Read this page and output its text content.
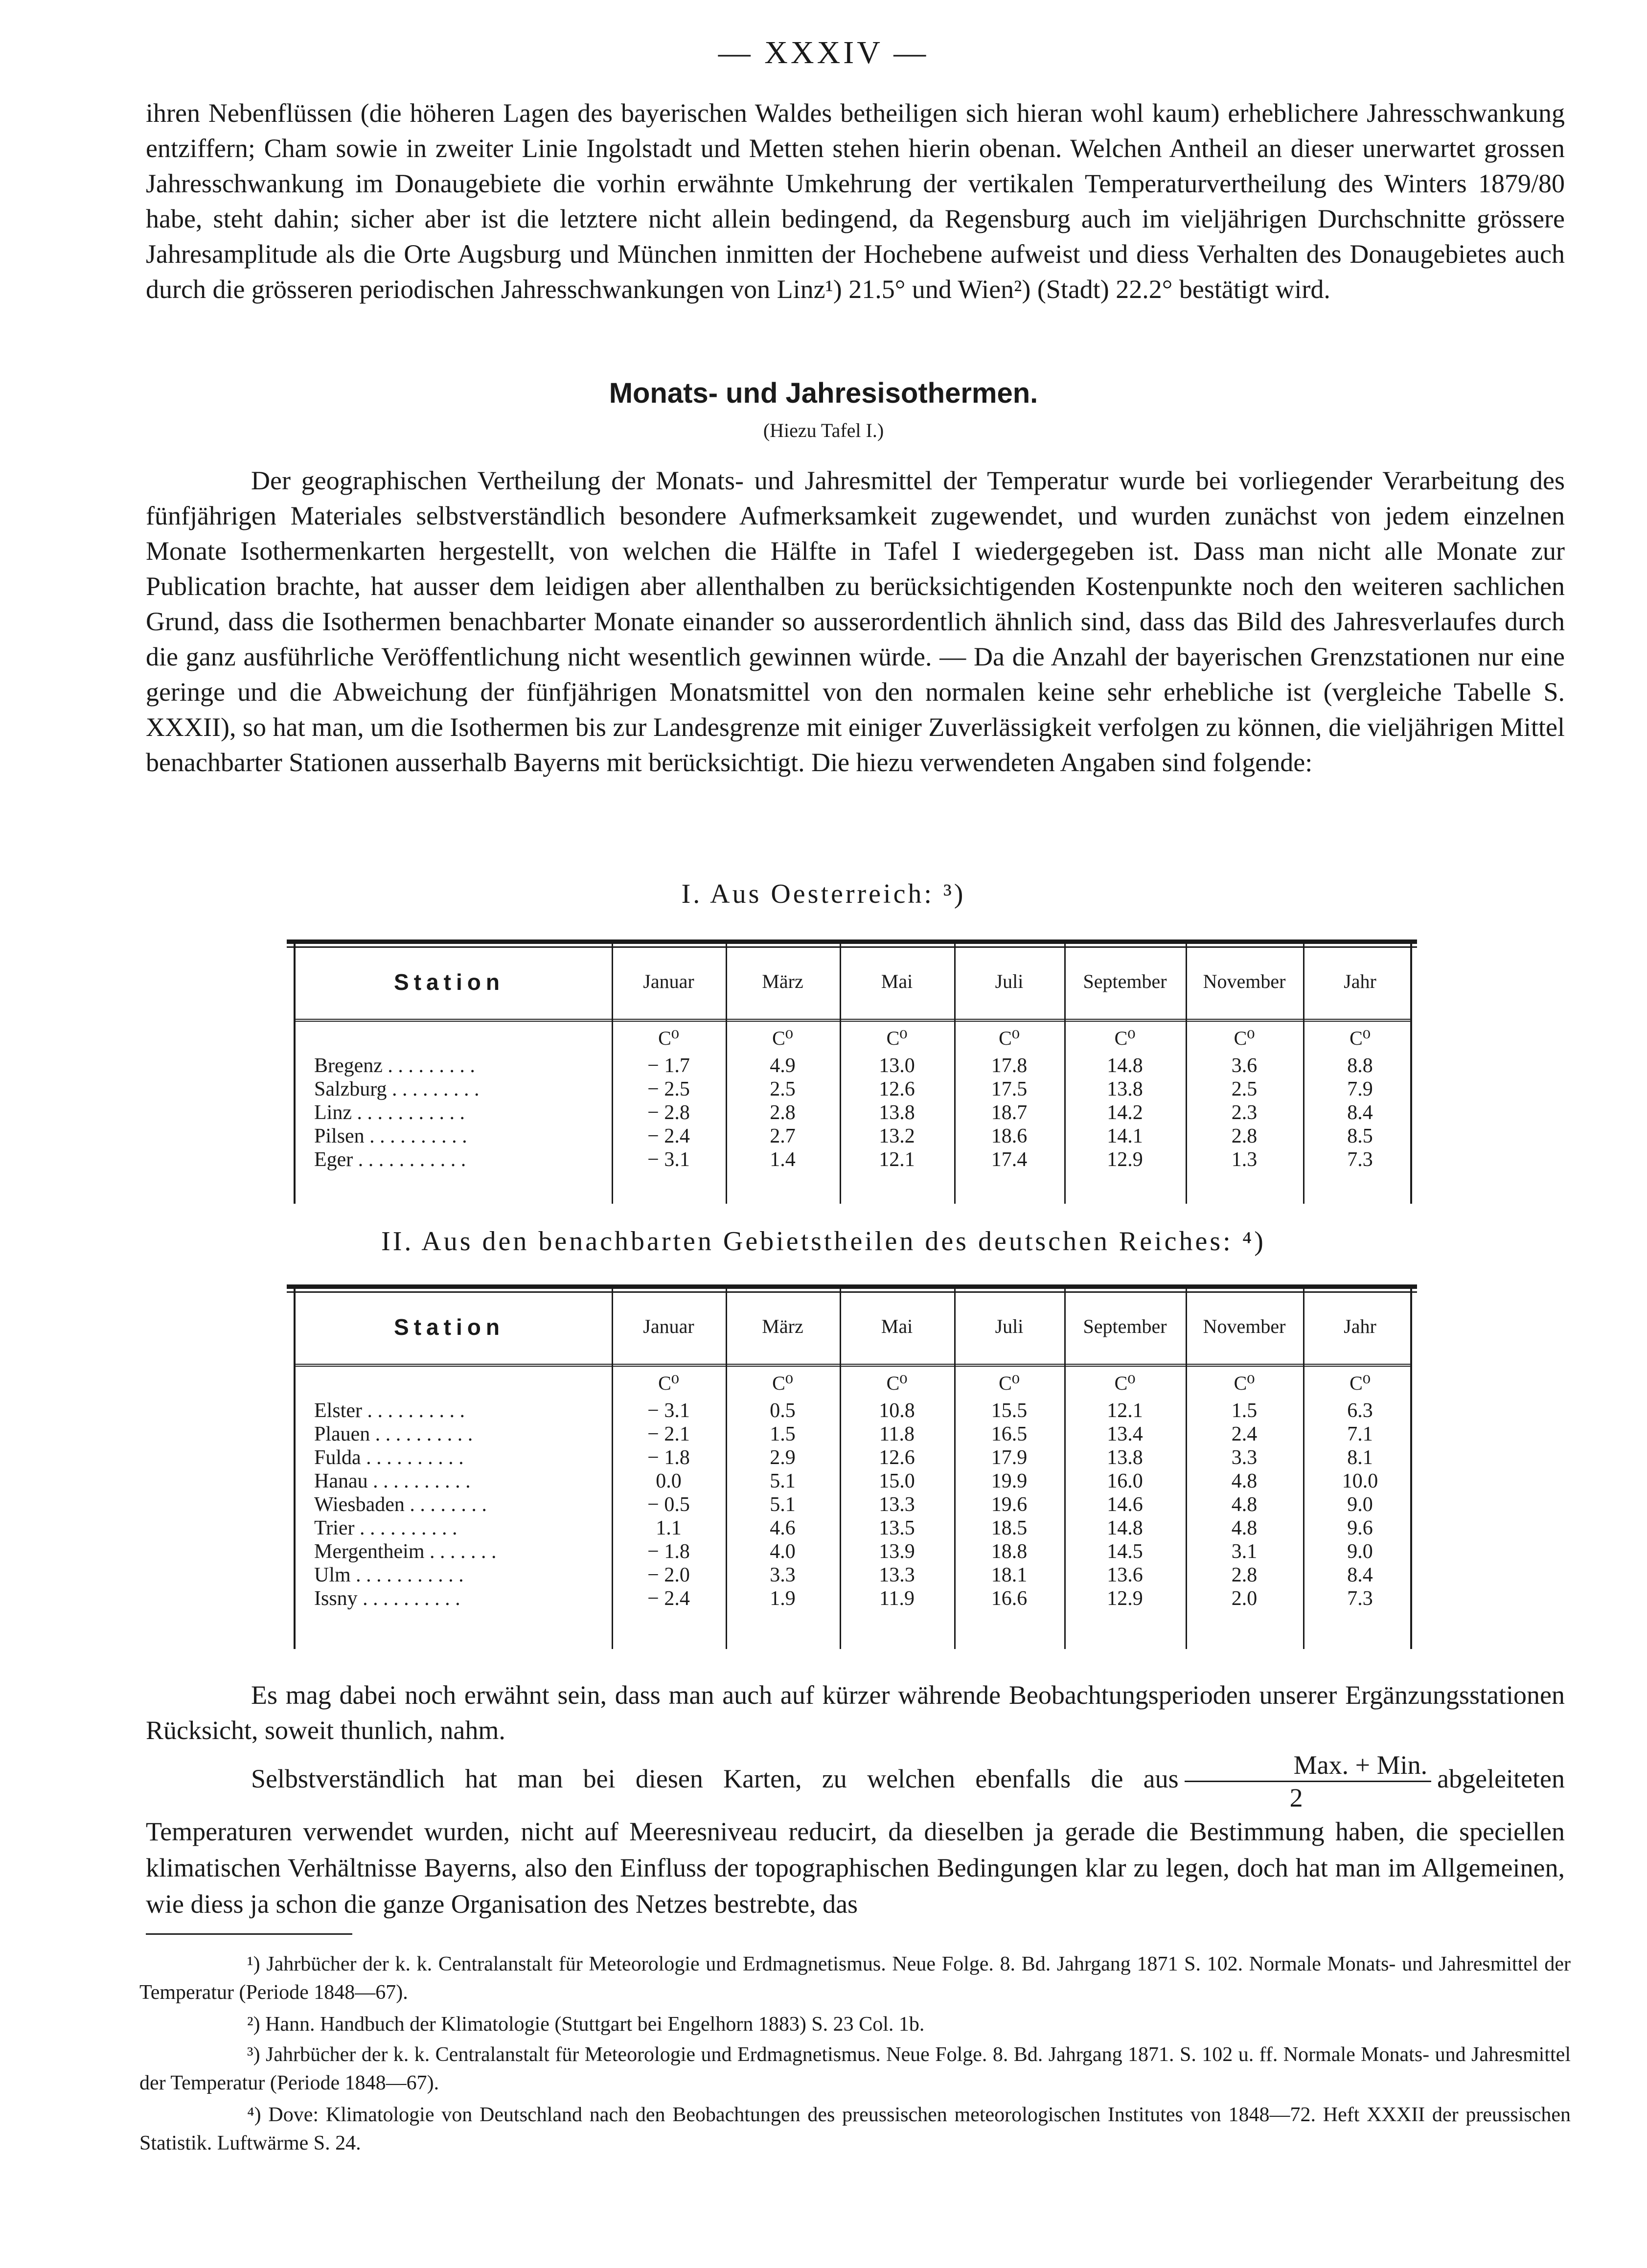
— XXXIV —
ihren Nebenflüssen (die höheren Lagen des bayerischen Waldes betheiligen sich hieran wohl kaum) erheblichere Jahresschwankung entziffern; Cham sowie in zweiter Linie Ingolstadt und Metten stehen hierin obenan. Welchen Antheil an dieser unerwartet grossen Jahresschwankung im Donaugebiete die vorhin erwähnte Umkehrung der vertikalen Temperaturvertheilung des Winters 1879/80 habe, steht dahin; sicher aber ist die letztere nicht allein bedingend, da Regensburg auch im vieljährigen Durchschnitte grössere Jahresamplitude als die Orte Augsburg und München inmitten der Hochebene aufweist und diess Verhalten des Donaugebietes auch durch die grösseren periodischen Jahresschwankungen von Linz¹) 21.5° und Wien²) (Stadt) 22.2° bestätigt wird.
Monats- und Jahresisothermen.
(Hiezu Tafel I.)
Der geographischen Vertheilung der Monats- und Jahresmittel der Temperatur wurde bei vorliegender Verarbeitung des fünfjährigen Materiales selbstverständlich besondere Aufmerksamkeit zugewendet, und wurden zunächst von jedem einzelnen Monate Isothermenkarten hergestellt, von welchen die Hälfte in Tafel I wiedergegeben ist. Dass man nicht alle Monate zur Publication brachte, hat ausser dem leidigen aber allenthalben zu berücksichtigenden Kostenpunkte noch den weiteren sachlichen Grund, dass die Isothermen benachbarter Monate einander so ausserordentlich ähnlich sind, dass das Bild des Jahresverlaufes durch die ganz ausführliche Veröffentlichung nicht wesentlich gewinnen würde. — Da die Anzahl der bayerischen Grenzstationen nur eine geringe und die Abweichung der fünfjährigen Monatsmittel von den normalen keine sehr erhebliche ist (vergleiche Tabelle S. XXXII), so hat man, um die Isothermen bis zur Landesgrenze mit einiger Zuverlässigkeit verfolgen zu können, die vieljährigen Mittel benachbarter Stationen ausserhalb Bayerns mit berücksichtigt. Die hiezu verwendeten Angaben sind folgende:
I. Aus Oesterreich: ³)
Station	Januar	März	Mai	Juli	September	November	Jahr
C⁰	C⁰	C⁰	C⁰	C⁰	C⁰	C⁰
Bregenz . . . . . . . . .	− 1.7	4.9	13.0	17.8	14.8	3.6	8.8
Salzburg . . . . . . . . .	− 2.5	2.5	12.6	17.5	13.8	2.5	7.9
Linz . . . . . . . . . . .	− 2.8	2.8	13.8	18.7	14.2	2.3	8.4
Pilsen . . . . . . . . . .	− 2.4	2.7	13.2	18.6	14.1	2.8	8.5
Eger . . . . . . . . . . .	− 3.1	1.4	12.1	17.4	12.9	1.3	7.3
II. Aus den benachbarten Gebietstheilen des deutschen Reiches: ⁴)
Station	Januar	März	Mai	Juli	September	November	Jahr
C⁰	C⁰	C⁰	C⁰	C⁰	C⁰	C⁰
Elster . . . . . . . . . .	− 3.1	0.5	10.8	15.5	12.1	1.5	6.3
Plauen . . . . . . . . . .	− 2.1	1.5	11.8	16.5	13.4	2.4	7.1
Fulda . . . . . . . . . .	− 1.8	2.9	12.6	17.9	13.8	3.3	8.1
Hanau . . . . . . . . . .	0.0	5.1	15.0	19.9	16.0	4.8	10.0
Wiesbaden . . . . . . . .	− 0.5	5.1	13.3	19.6	14.6	4.8	9.0
Trier . . . . . . . . . .	1.1	4.6	13.5	18.5	14.8	4.8	9.6
Mergentheim . . . . . . .	− 1.8	4.0	13.9	18.8	14.5	3.1	9.0
Ulm . . . . . . . . . . .	− 2.0	3.3	13.3	18.1	13.6	2.8	8.4
Issny . . . . . . . . . .	− 2.4	1.9	11.9	16.6	12.9	2.0	7.3
Es mag dabei noch erwähnt sein, dass man auch auf kürzer währende Beobachtungsperioden unserer Ergänzungsstationen Rücksicht, soweit thunlich, nahm.
Selbstverständlich hat man bei diesen Karten, zu welchen ebenfalls die aus $\frac{\text{Max. + Min.}}{2}$ abgeleiteten Temperaturen verwendet wurden, nicht auf Meeresniveau reducirt, da dieselben ja gerade die Bestimmung haben, die speciellen klimatischen Verhältnisse Bayerns, also den Einfluss der topographischen Bedingungen klar zu legen, doch hat man im Allgemeinen, wie diess ja schon die ganze Organisation des Netzes bestrebte, das
¹) Jahrbücher der k. k. Centralanstalt für Meteorologie und Erdmagnetismus. Neue Folge. 8. Bd. Jahrgang 1871 S. 102. Normale Monats- und Jahresmittel der Temperatur (Periode 1848—67).
²) Hann. Handbuch der Klimatologie (Stuttgart bei Engelhorn 1883) S. 23 Col. 1b.
³) Jahrbücher der k. k. Centralanstalt für Meteorologie und Erdmagnetismus. Neue Folge. 8. Bd. Jahrgang 1871. S. 102 u. ff. Normale Monats- und Jahresmittel der Temperatur (Periode 1848—67).
⁴) Dove: Klimatologie von Deutschland nach den Beobachtungen des preussischen meteorologischen Institutes von 1848—72. Heft XXXII der preussischen Statistik. Luftwärme S. 24.
